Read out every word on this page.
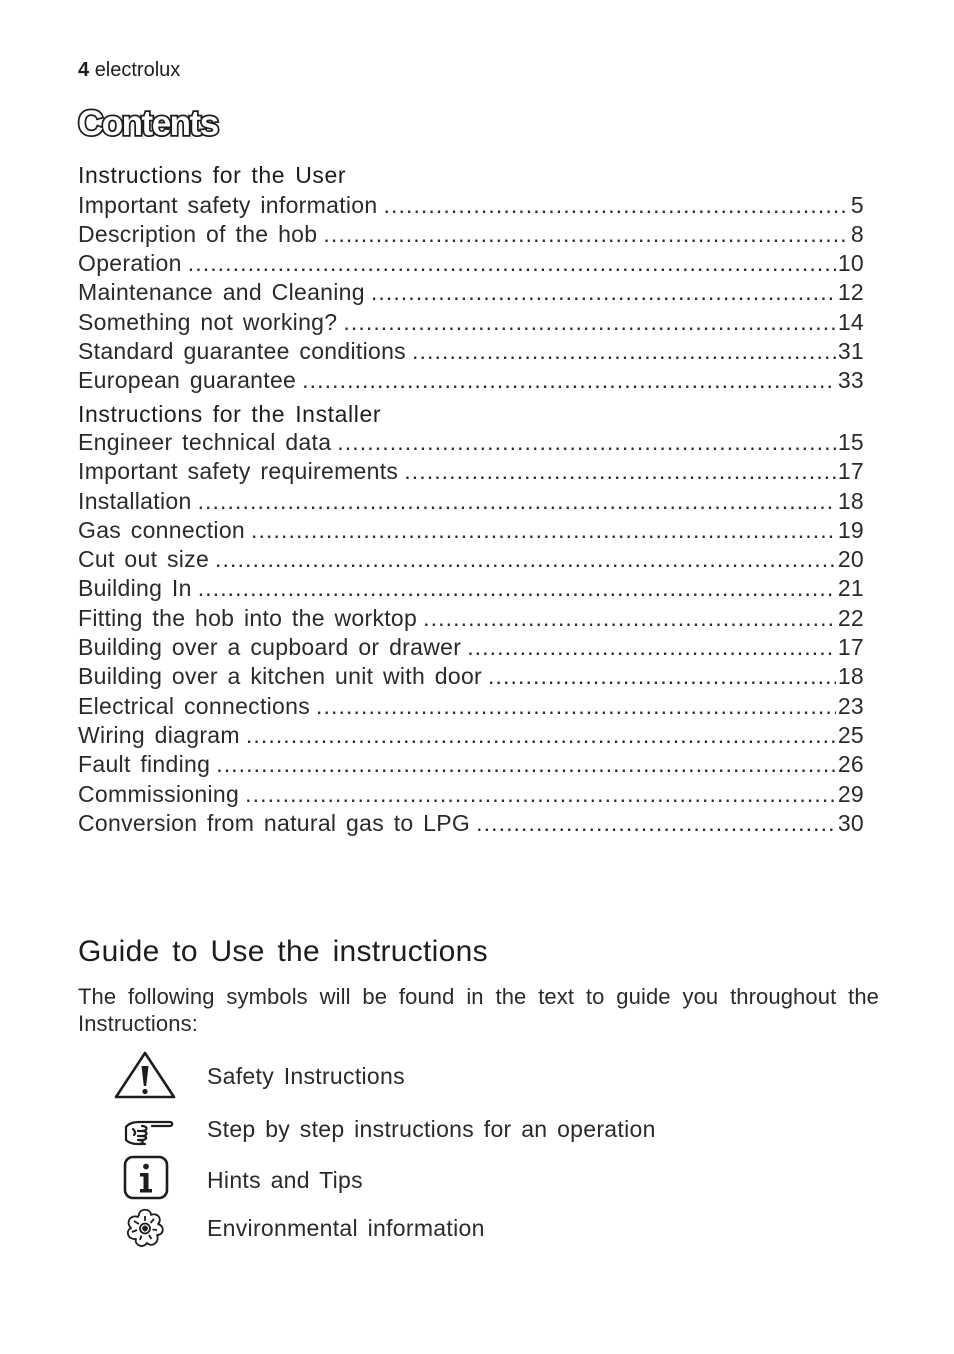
4 electrolux
Contents
Instructions for the User
Important safety information .....	5
Description of the hob .....	8
Operation .....	10
Maintenance and Cleaning .....	12
Something not working? .....	14
Standard guarantee conditions .....	31
European guarantee .....	33
Instructions for the Installer
Engineer technical data .....	15
Important safety requirements .....	17
Installation .....	18
Gas connection .....	19
Cut out size .....	20
Building In .....	21
Fitting the hob into the worktop .....	22
Building over a cupboard or drawer .....	17
Building over a kitchen unit with door .....	18
Electrical connections .....	23
Wiring diagram .....	25
Fault finding .....	26
Commissioning .....	29
Conversion from natural gas to LPG .....	30
Guide to Use the instructions
The following symbols will be found in the text to guide you throughout the Instructions:
Safety Instructions
Step by step instructions for an operation
Hints and Tips
Environmental information
